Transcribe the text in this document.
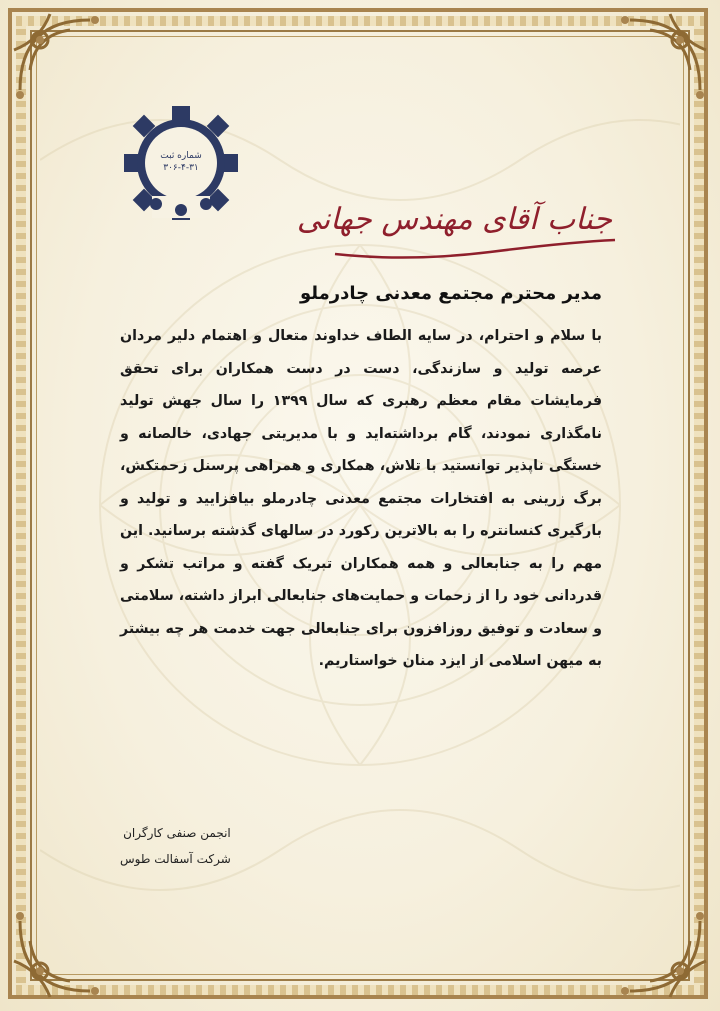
شماره ثبت
۳۰۶-۴-۳۱
جناب آقای مهندس جهانی
مدیر محترم مجتمع معدنی چادرملو
با سلام و احترام، در سایه الطاف خداوند متعال و اهتمام دلیر مردان عرصه تولید و سازندگی، دست در دست همکاران برای تحقق فرمایشات مقام معظم رهبری که سال ۱۳۹۹ را سال جهش تولید نامگذاری نمودند، گام برداشته‌اید و با مدیریتی جهادی، خالصانه و خستگی ناپذیر توانستید با تلاش، همکاری و همراهی پرسنل زحمتکش، برگ زرینی به افتخارات مجتمع معدنی چادرملو بیافزایید و تولید و بارگیری کنسانتره را به بالاترین رکورد در سالهای گذشته برسانید. این مهم را به جنابعالی و همه همکاران تبریک گفته و مراتب تشکر و قدردانی خود را از زحمات و حمایت‌های جنابعالی ابراز داشته، سلامتی و سعادت و توفیق روزافزون برای جنابعالی جهت خدمت هر چه بیشتر به میهن اسلامی از ایزد منان خواستاریم.
انجمن صنفی کارگران
شرکت آسفالت طوس
